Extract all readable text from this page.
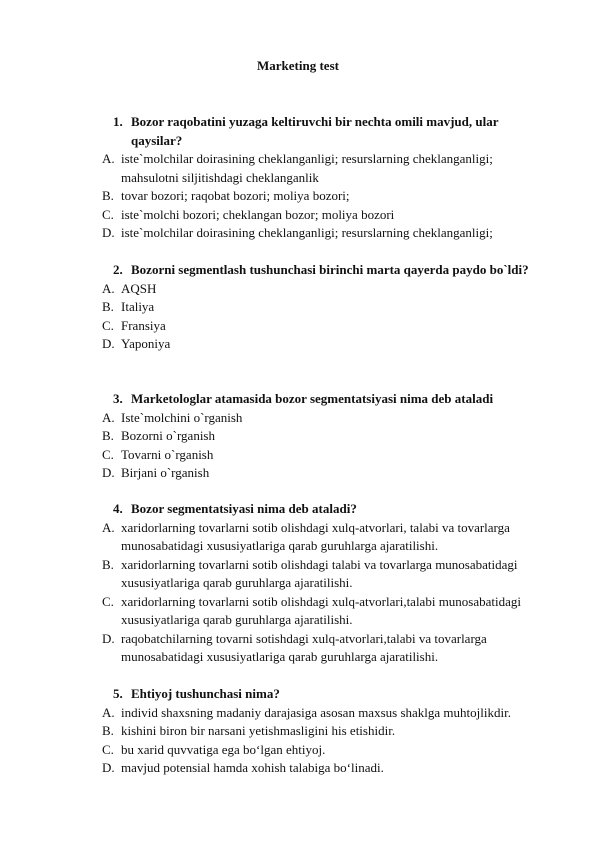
Marketing test
1. Bozor raqobatini yuzaga keltiruvchi bir nechta omili mavjud, ular qaysilar?
A. iste`molchilar doirasining cheklanganligi; resurslarning cheklanganligi; mahsulotni siljitishdagi cheklanganlik
B. tovar bozori; raqobat bozori; moliya bozori;
C. iste`molchi bozori; cheklangan bozor; moliya bozori
D. iste`molchilar doirasining cheklanganligi; resurslarning cheklanganligi;
2. Bozorni segmentlash tushunchasi birinchi marta qayerda paydo bo`ldi?
A. AQSH
B. Italiya
C. Fransiya
D. Yaponiya
3. Marketologlar atamasida bozor segmentatsiyasi nima deb ataladi
A. Iste`molchini o`rganish
B. Bozorni o`rganish
C. Tovarni o`rganish
D. Birjani o`rganish
4. Bozor segmentatsiyasi nima deb ataladi?
A. xaridorlarning tovarlarni sotib olishdagi xulq-atvorlari, talabi va tovarlarga munosabatidagi xususiyatlariga qarab guruhlarga ajaratilishi.
B. xaridorlarning tovarlarni sotib olishdagi talabi va tovarlarga munosabatidagi xususiyatlariga qarab guruhlarga ajaratilishi.
C. xaridorlarning tovarlarni sotib olishdagi xulq-atvorlari,talabi munosabatidagi xususiyatlariga qarab guruhlarga ajaratilishi.
D. raqobatchilarning tovarni sotishdagi xulq-atvorlari,talabi va tovarlarga munosabatidagi xususiyatlariga qarab guruhlarga ajaratilishi.
5. Ehtiyoj tushunchasi nima?
A. individ shaxsning madaniy darajasiga asosan maxsus shaklga muhtojlikdir.
B. kishini biron bir narsani yetishmasligini his etishidir.
C. bu xarid quvvatiga ega bo‘lgan ehtiyoj.
D. mavjud potensial hamda xohish talabiga bo‘linadi.
